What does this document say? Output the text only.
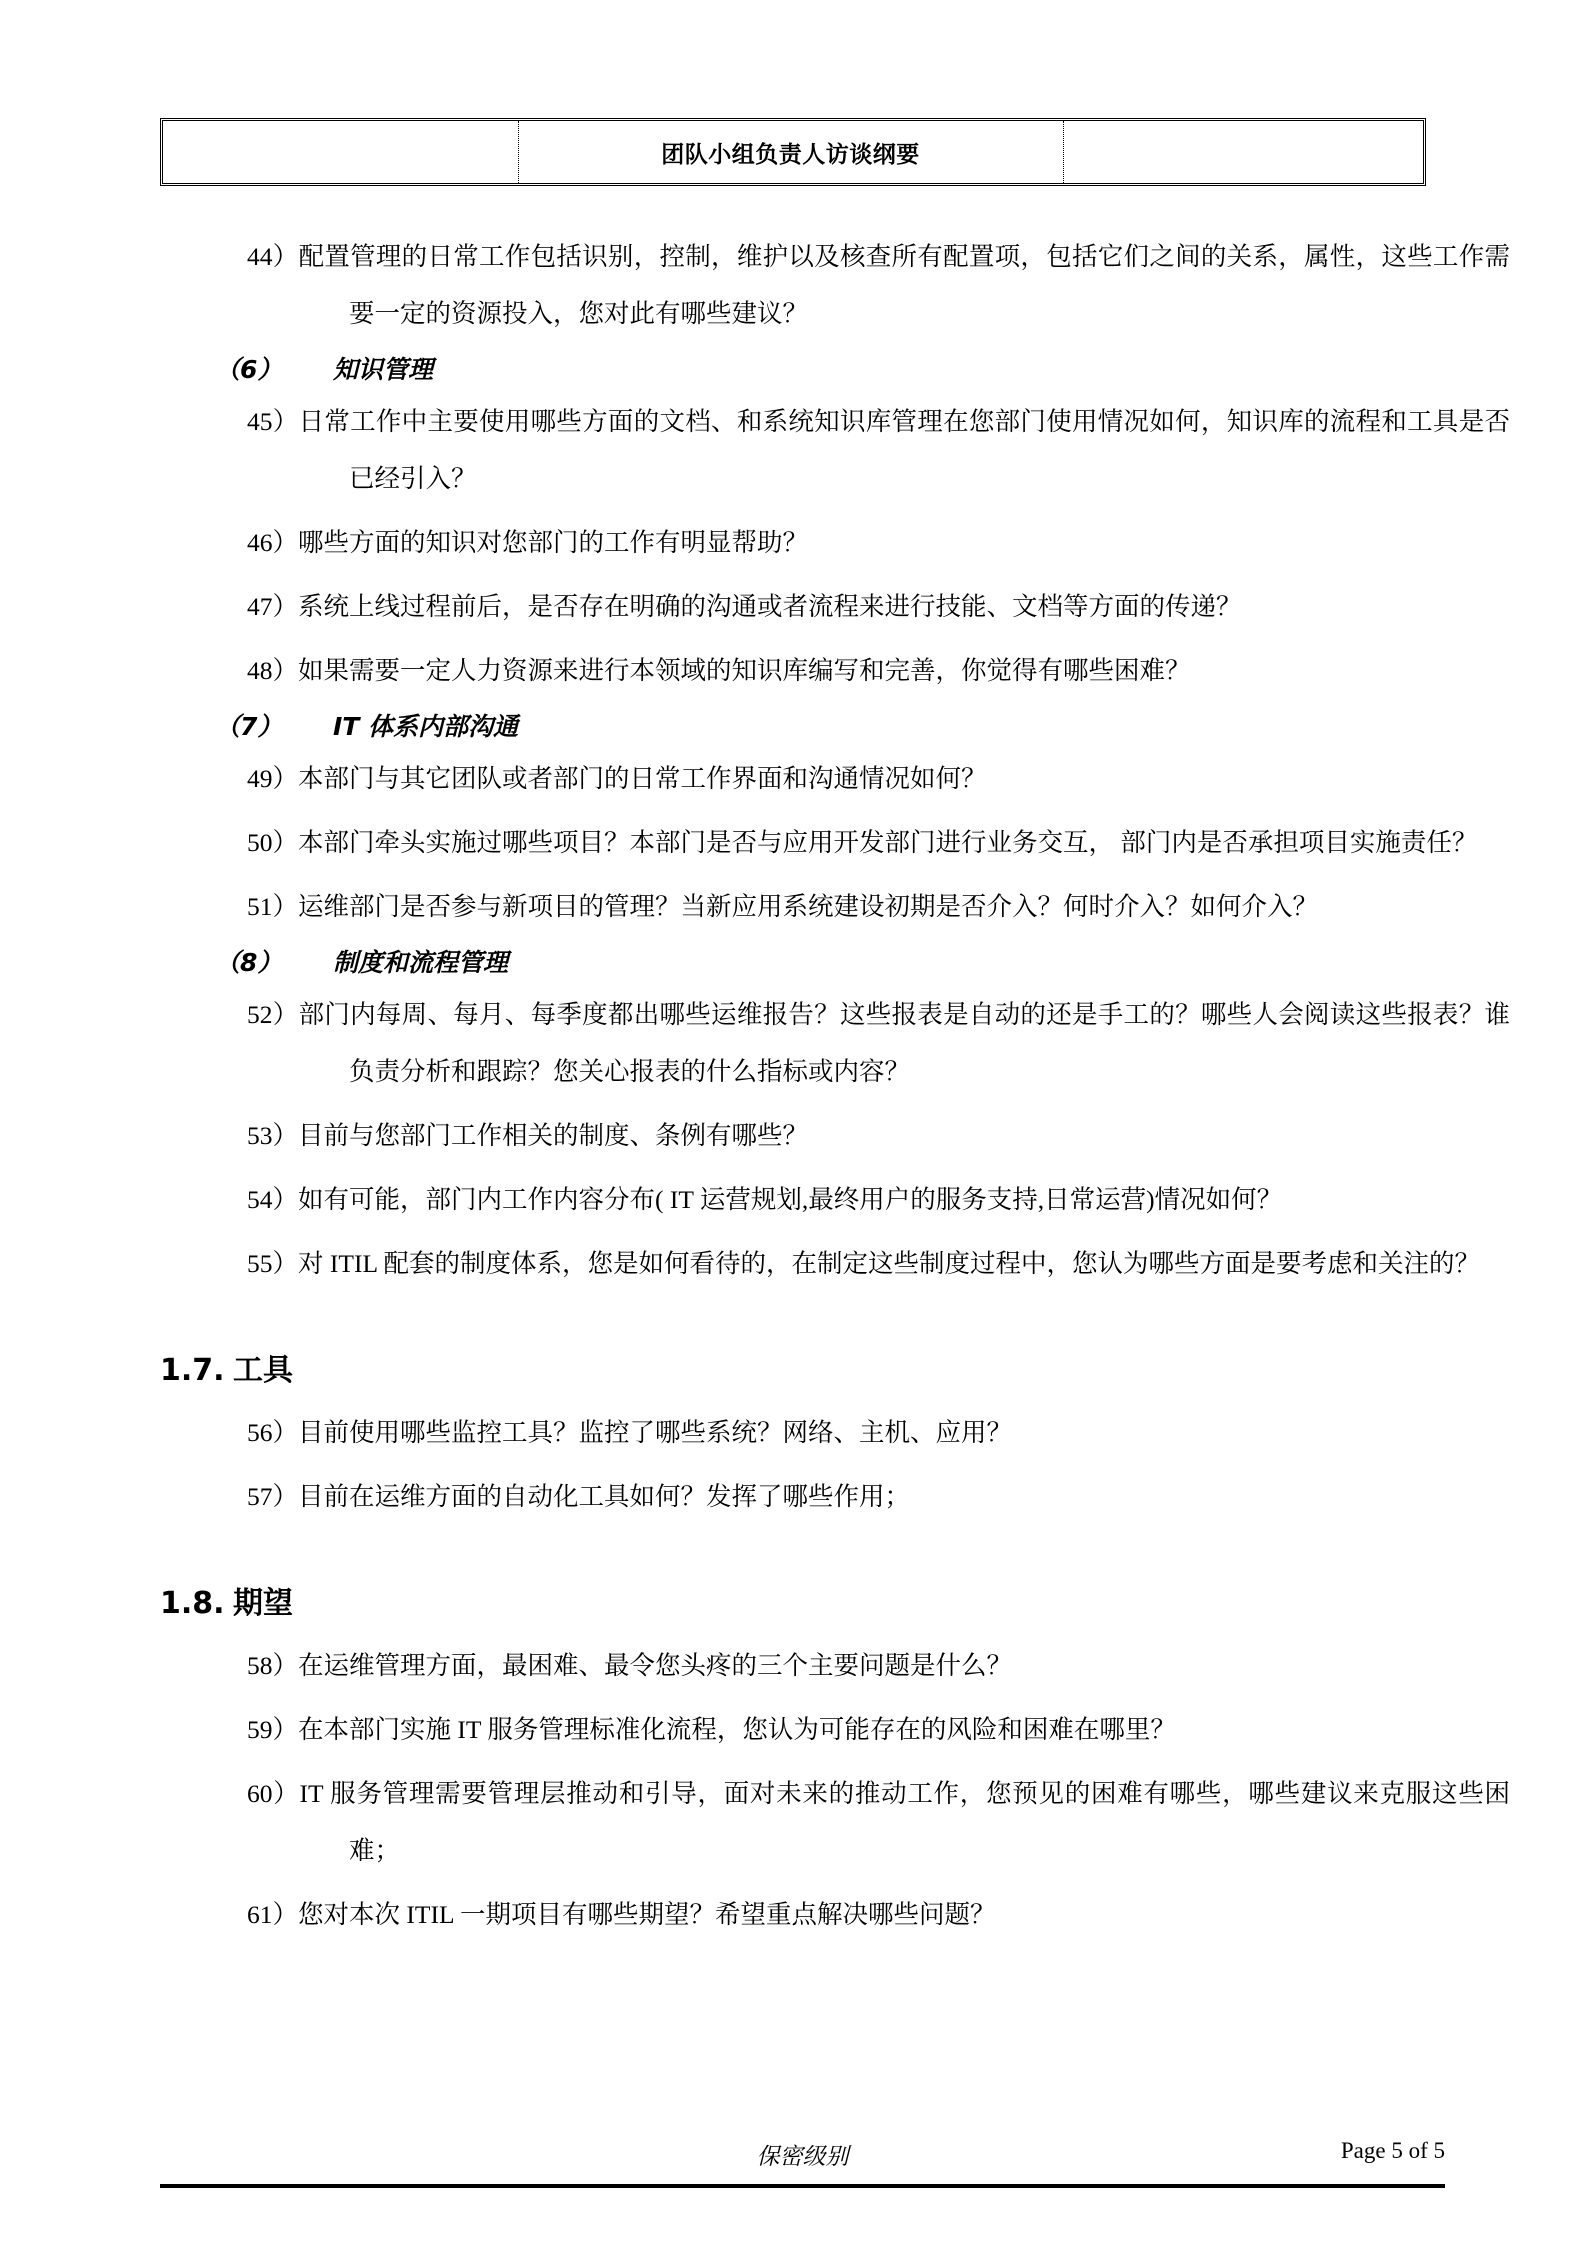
	团队小组负责人访谈纲要	

44）配置管理的日常工作包括识别，控制，维护以及核查所有配置项，包括它们之间的关系，属性，这些工作需要一定的资源投入，您对此有哪些建议？

（6） 知识管理

45）日常工作中主要使用哪些方面的文档、和系统知识库管理在您部门使用情况如何，知识库的流程和工具是否已经引入？

46）哪些方面的知识对您部门的工作有明显帮助？

47）系统上线过程前后，是否存在明确的沟通或者流程来进行技能、文档等方面的传递？

48）如果需要一定人力资源来进行本领域的知识库编写和完善，你觉得有哪些困难？

（7） IT 体系内部沟通

49）本部门与其它团队或者部门的日常工作界面和沟通情况如何？

50）本部门牵头实施过哪些项目？本部门是否与应用开发部门进行业务交互， 部门内是否承担项目实施责任？

51）运维部门是否参与新项目的管理？当新应用系统建设初期是否介入？何时介入？如何介入？

（8） 制度和流程管理

52）部门内每周、每月、每季度都出哪些运维报告？这些报表是自动的还是手工的？哪些人会阅读这些报表？谁负责分析和跟踪？您关心报表的什么指标或内容？

53）目前与您部门工作相关的制度、条例有哪些？

54）如有可能，部门内工作内容分布( IT 运营规划,最终用户的服务支持,日常运营)情况如何？

55）对 ITIL 配套的制度体系，您是如何看待的，在制定这些制度过程中，您认为哪些方面是要考虑和关注的？

1.7. 工具

56）目前使用哪些监控工具？监控了哪些系统？网络、主机、应用？

57）目前在运维方面的自动化工具如何？发挥了哪些作用；

1.8. 期望

58）在运维管理方面，最困难、最令您头疼的三个主要问题是什么？

59）在本部门实施 IT 服务管理标准化流程，您认为可能存在的风险和困难在哪里？

60）IT 服务管理需要管理层推动和引导，面对未来的推动工作，您预见的困难有哪些，哪些建议来克服这些困难；

61）您对本次 ITIL 一期项目有哪些期望？希望重点解决哪些问题？

保密级别	Page 5 of 5
